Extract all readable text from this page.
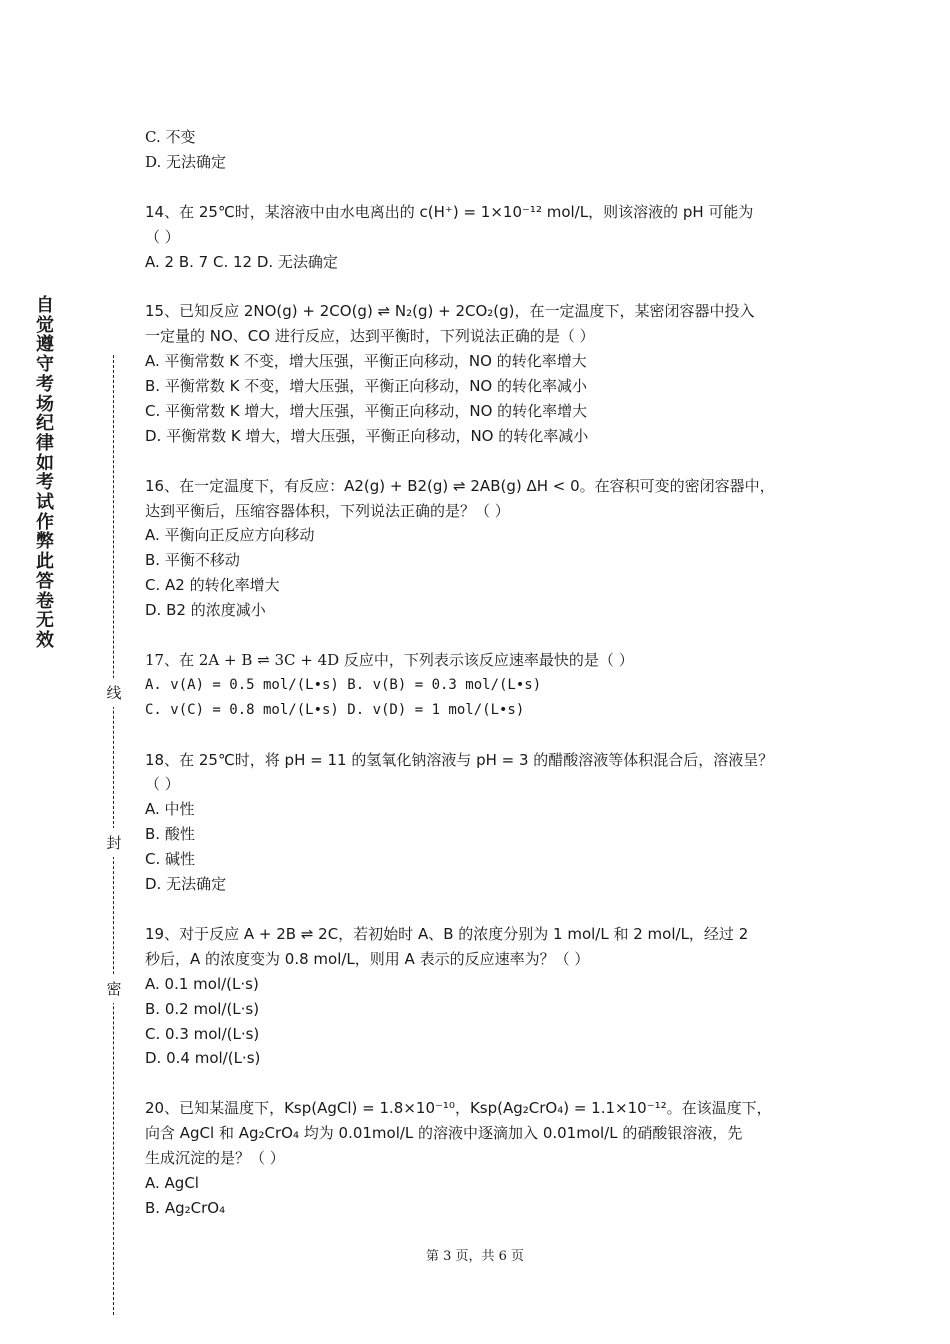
自
觉
遵
守
考
场
纪
律
如
考
试
作
弊
此
答
卷
无
效
线
封
密
C. 不变
D. 无法确定
14、在 25℃时，某溶液中由水电离出的 c(H⁺) = 1×10⁻¹² mol/L，则该溶液的 pH 可能为
（ ）
A. 2 B. 7 C. 12 D. 无法确定
15、已知反应 2NO(g) + 2CO(g) ⇌ N₂(g) + 2CO₂(g)，在一定温度下，某密闭容器中投入
一定量的 NO、CO 进行反应，达到平衡时，下列说法正确的是（ ）
A. 平衡常数 K 不变，增大压强，平衡正向移动，NO 的转化率增大
B. 平衡常数 K 不变，增大压强，平衡正向移动，NO 的转化率减小
C. 平衡常数 K 增大，增大压强，平衡正向移动，NO 的转化率增大
D. 平衡常数 K 增大，增大压强，平衡正向移动，NO 的转化率减小
16、在一定温度下，有反应：A2(g) + B2(g) ⇌ 2AB(g) ΔH < 0。在容积可变的密闭容器中，
达到平衡后，压缩容器体积，下列说法正确的是？（ ）
A. 平衡向正反应方向移动
B. 平衡不移动
C. A2 的转化率增大
D. B2 的浓度减小
17、在 2A + B ⇌ 3C + 4D 反应中，下列表示该反应速率最快的是（ ）
A. v(A) = 0.5 mol/(L•s) B. v(B) = 0.3 mol/(L•s)
C. v(C) = 0.8 mol/(L•s) D. v(D) = 1 mol/(L•s)
18、在 25℃时，将 pH = 11 的氢氧化钠溶液与 pH = 3 的醋酸溶液等体积混合后，溶液呈？
（ ）
A. 中性
B. 酸性
C. 碱性
D. 无法确定
19、对于反应 A + 2B ⇌ 2C，若初始时 A、B 的浓度分别为 1 mol/L 和 2 mol/L，经过 2
秒后，A 的浓度变为 0.8 mol/L，则用 A 表示的反应速率为？（ ）
A. 0.1 mol/(L·s)
B. 0.2 mol/(L·s)
C. 0.3 mol/(L·s)
D. 0.4 mol/(L·s)
20、已知某温度下，Ksp(AgCl) = 1.8×10⁻¹⁰，Ksp(Ag₂CrO₄) = 1.1×10⁻¹²。在该温度下，
向含 AgCl 和 Ag₂CrO₄ 均为 0.01mol/L 的溶液中逐滴加入 0.01mol/L 的硝酸银溶液，先
生成沉淀的是？（ ）
A. AgCl
B. Ag₂CrO₄
第 3 页，共 6 页
